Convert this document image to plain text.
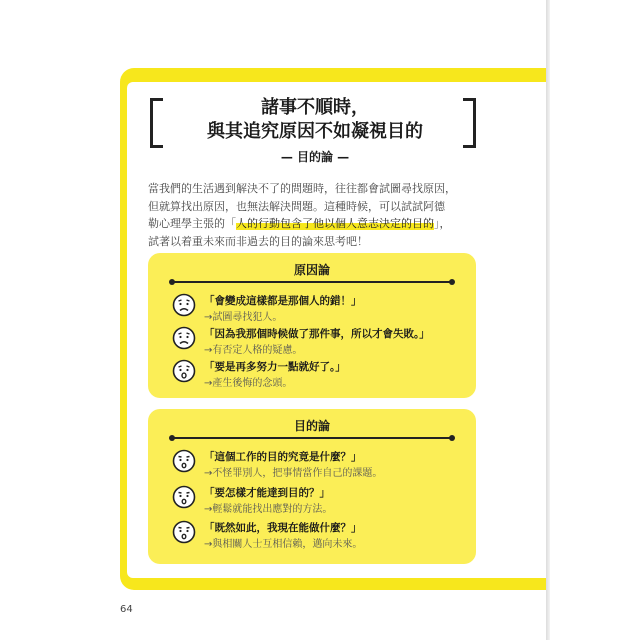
諸事不順時，
與其追究原因不如凝視目的
— 目的論 —
當我們的生活遇到解決不了的問題時，往往都會試圖尋找原因，
但就算找出原因，也無法解決問題。這種時候，可以試試阿德
勒心理學主張的「人的行動包含了他以個人意志決定的目的」，
試著以着重未來而非過去的目的論來思考吧！
原因論
「會變成這樣都是那個人的錯！」
→試圖尋找犯人。
「因為我那個時候做了那件事，所以才會失敗。」
→有否定人格的疑慮。
「要是再多努力一點就好了。」
→產生後悔的念頭。
目的論
「這個工作的目的究竟是什麼？」
→不怪罪別人，把事情當作自己的課題。
「要怎樣才能達到目的？」
→輕鬆就能找出應對的方法。
「既然如此，我現在能做什麼？」
→與相關人士互相信賴，邁向未來。
64
